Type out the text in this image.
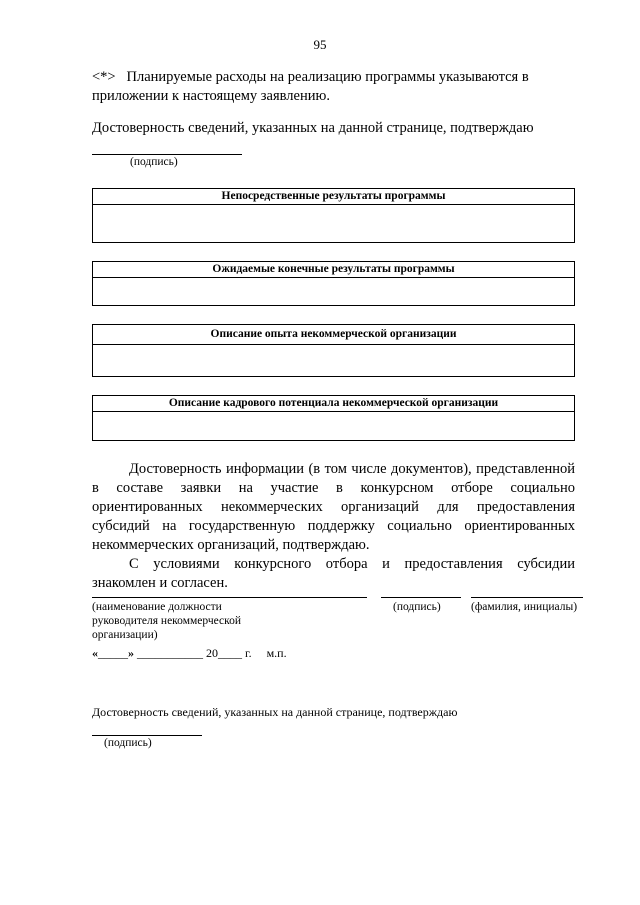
95
<*> Планируемые расходы на реализацию программы указываются в приложении к настоящему заявлению.
Достоверность сведений, указанных на данной странице, подтверждаю
(подпись)
Непосредственные результаты программы
Ожидаемые конечные результаты программы
Описание опыта некоммерческой организации
Описание кадрового потенциала некоммерческой организации

Достоверность информации (в том числе документов), представленной в составе заявки на участие в конкурсном отборе социально ориентированных некоммерческих организаций для предоставления субсидий на государственную поддержку социально ориентированных некоммерческих организаций, подтверждаю.

С условиями конкурсного отбора и предоставления субсидии знакомлен и согласен.

(наименование должности руководителя некоммерческой организации)
(подпись)	(фамилия, инициалы)
«_____» ___________ 20____ г. м.п.
Достоверность сведений, указанных на данной странице, подтверждаю
(подпись)
